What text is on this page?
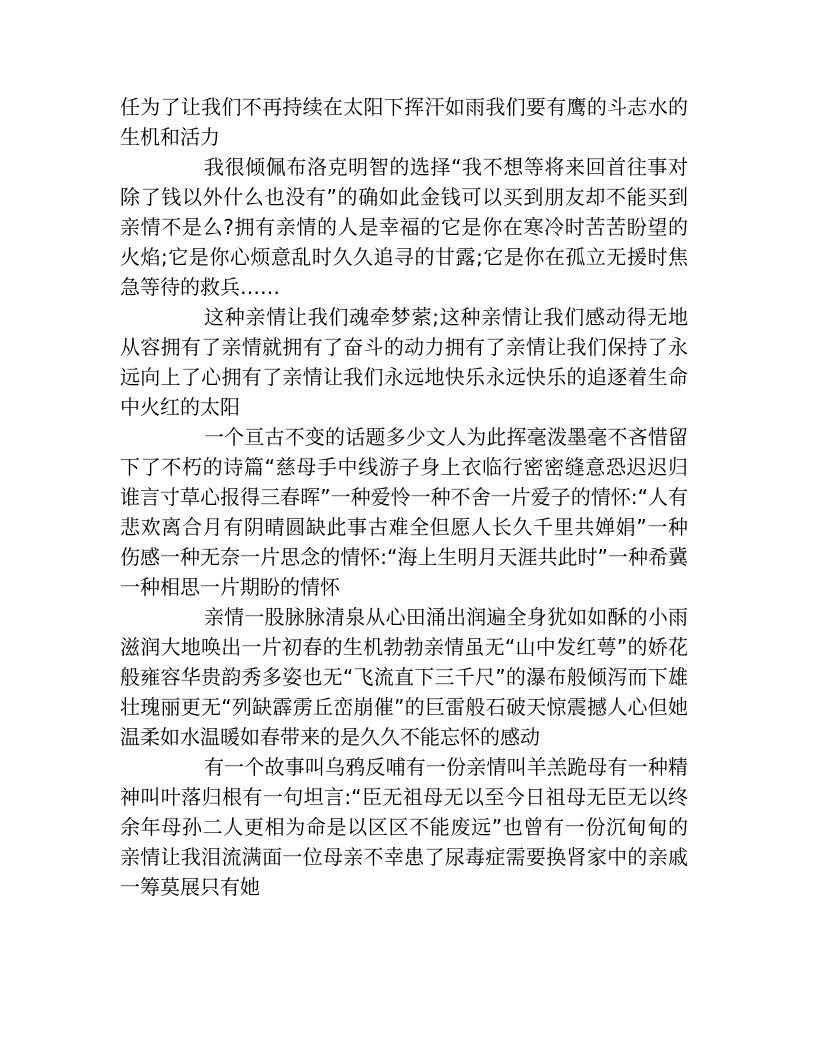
任为了让我们不再持续在太阳下挥汗如雨我们要有鹰的斗志水的生机和活力

我很倾佩布洛克明智的选择“我不想等将来回首往事对除了钱以外什么也没有”的确如此金钱可以买到朋友却不能买到亲情不是么?拥有亲情的人是幸福的它是你在寒冷时苦苦盼望的火焰;它是你心烦意乱时久久追寻的甘露;它是你在孤立无援时焦急等待的救兵……

这种亲情让我们魂牵梦萦;这种亲情让我们感动得无地从容拥有了亲情就拥有了奋斗的动力拥有了亲情让我们保持了永远向上了心拥有了亲情让我们永远地快乐永远快乐的追逐着生命中火红的太阳

一个亘古不变的话题多少文人为此挥毫泼墨毫不吝惜留下了不朽的诗篇“慈母手中线游子身上衣临行密密缝意恐迟迟归谁言寸草心报得三春晖”一种爱怜一种不舍一片爱子的情怀:“人有悲欢离合月有阴晴圆缺此事古难全但愿人长久千里共婵娟”一种伤感一种无奈一片思念的情怀:“海上生明月天涯共此时”一种希冀一种相思一片期盼的情怀

亲情一股脉脉清泉从心田涌出润遍全身犹如如酥的小雨滋润大地唤出一片初春的生机勃勃亲情虽无“山中发红萼”的娇花般雍容华贵韵秀多姿也无“飞流直下三千尺”的瀑布般倾泻而下雄壮瑰丽更无“列缺霹雳丘峦崩催”的巨雷般石破天惊震撼人心但她温柔如水温暖如春带来的是久久不能忘怀的感动

有一个故事叫乌鸦反哺有一份亲情叫羊羔跪母有一种精神叫叶落归根有一句坦言:“臣无祖母无以至今日祖母无臣无以终余年母孙二人更相为命是以区区不能废远”也曾有一份沉甸甸的亲情让我泪流满面一位母亲不幸患了尿毒症需要换肾家中的亲戚一筹莫展只有她
